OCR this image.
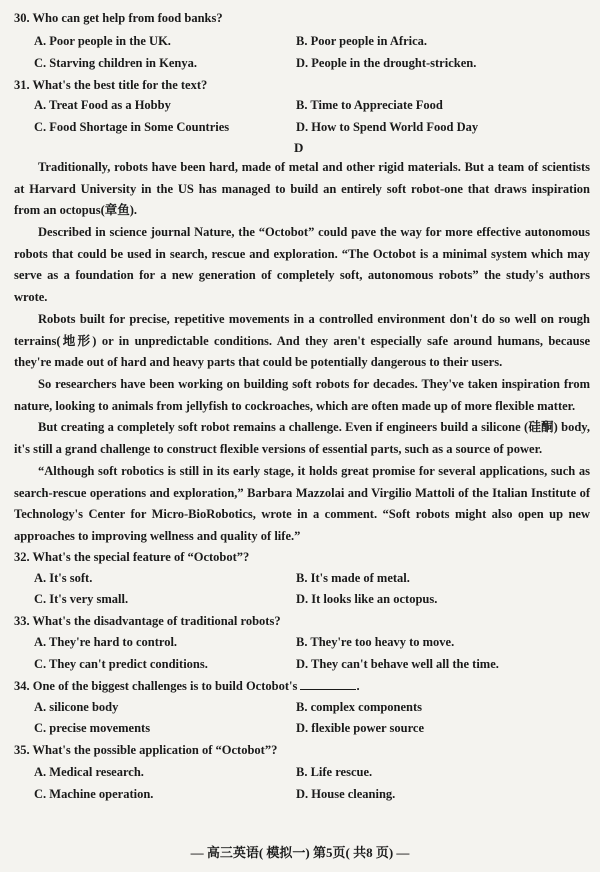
30. Who can get help from food banks?
A. Poor people in the UK.	B. Poor people in Africa.
C. Starving children in Kenya.	D. People in the drought-stricken.
31. What's the best title for the text?
A. Treat Food as a Hobby	B. Time to Appreciate Food
C. Food Shortage in Some Countries	D. How to Spend World Food Day
D
Traditionally, robots have been hard, made of metal and other rigid materials. But a team of scientists at Harvard University in the US has managed to build an entirely soft robot-one that draws inspiration from an octopus(章鱼).
Described in science journal Nature, the “Octobot” could pave the way for more effective autonomous robots that could be used in search, rescue and exploration. “The Octobot is a minimal system which may serve as a foundation for a new generation of completely soft, autonomous robots” the study's authors wrote.
Robots built for precise, repetitive movements in a controlled environment don't do so well on rough terrains(地形) or in unpredictable conditions. And they aren't especially safe around humans, because they're made out of hard and heavy parts that could be potentially dangerous to their users.
So researchers have been working on building soft robots for decades. They've taken inspiration from nature, looking to animals from jellyfish to cockroaches, which are often made up of more flexible matter.
But creating a completely soft robot remains a challenge. Even if engineers build a silicone (硅酮) body, it's still a grand challenge to construct flexible versions of essential parts, such as a source of power.
“Although soft robotics is still in its early stage, it holds great promise for several applications, such as search-rescue operations and exploration,” Barbara Mazzolai and Virgilio Mattoli of the Italian Institute of Technology's Center for Micro-BioRobotics, wrote in a comment. “Soft robots might also open up new approaches to improving wellness and quality of life.”
32. What's the special feature of “Octobot”?
A. It's soft.	B. It's made of metal.
C. It's very small.	D. It looks like an octopus.
33. What's the disadvantage of traditional robots?
A. They're hard to control.	B. They're too heavy to move.
C. They can't predict conditions.	D. They can't behave well all the time.
34. One of the biggest challenges is to build Octobot's	.
A. silicone body	B. complex components
C. precise movements	D. flexible power source
35. What's the possible application of “Octobot”?
A. Medical research.	B. Life rescue.
C. Machine operation.	D. House cleaning.
— 高三英语( 模拟一) 第5页( 共8 页) —
